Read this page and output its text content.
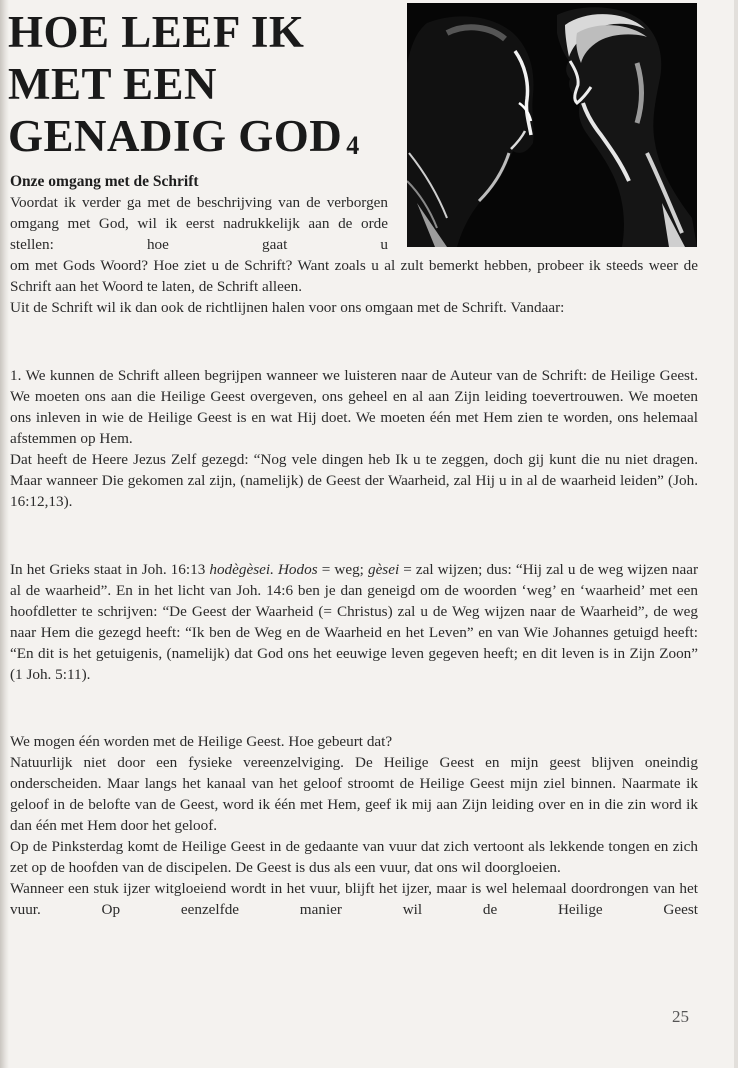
HOE LEEF IK
MET EEN
GENADIG GOD 4
Onze omgang met de Schrift
Voordat ik verder ga met de beschrijving van de verborgen omgang met God, wil ik eerst nadrukkelijk aan de orde stellen: hoe gaat u
om met Gods Woord? Hoe ziet u de Schrift? Want zoals u al zult bemerkt hebben, probeer ik steeds weer de Schrift aan het Woord te laten, de Schrift alleen.
Uit de Schrift wil ik dan ook de richtlijnen halen voor ons omgaan met de Schrift. Vandaar:
1. We kunnen de Schrift alleen begrijpen wanneer we luisteren naar de Auteur van de Schrift: de Heilige Geest. We moeten ons aan die Heilige Geest overgeven, ons geheel en al aan Zijn leiding toevertrouwen. We moeten ons inleven in wie de Heilige Geest is en wat Hij doet. We moeten één met Hem zien te worden, ons helemaal afstemmen op Hem.
Dat heeft de Heere Jezus Zelf gezegd: “Nog vele dingen heb Ik u te zeggen, doch gij kunt die nu niet dragen. Maar wanneer Die gekomen zal zijn, (namelijk) de Geest der Waarheid, zal Hij u in al de waarheid leiden” (Joh. 16:12,13).
In het Grieks staat in Joh. 16:13 hodègèsei. Hodos = weg; gèsei = zal wijzen; dus: “Hij zal u de weg wijzen naar al de waarheid”. En in het licht van Joh. 14:6 ben je dan geneigd om de woorden ‘weg’ en ‘waarheid’ met een hoofdletter te schrijven: “De Geest der Waarheid (= Christus) zal u de Weg wijzen naar de Waarheid”, de weg naar Hem die gezegd heeft: “Ik ben de Weg en de Waarheid en het Leven” en van Wie Johannes getuigd heeft: “En dit is het getuigenis, (namelijk) dat God ons het eeuwige leven gegeven heeft; en dit leven is in Zijn Zoon” (1 Joh. 5:11).
We mogen één worden met de Heilige Geest. Hoe gebeurt dat?
Natuurlijk niet door een fysieke vereenzelviging. De Heilige Geest en mijn geest blijven oneindig onderscheiden. Maar langs het kanaal van het geloof stroomt de Heilige Geest mijn ziel binnen. Naarmate ik geloof in de belofte van de Geest, word ik één met Hem, geef ik mij aan Zijn leiding over en in die zin word ik dan één met Hem door het geloof.
Op de Pinksterdag komt de Heilige Geest in de gedaante van vuur dat zich vertoont als lekkende tongen en zich zet op de hoofden van de discipelen. De Geest is dus als een vuur, dat ons wil doorgloeien.
Wanneer een stuk ijzer witgloeiend wordt in het vuur, blijft het ijzer, maar is wel helemaal doordrongen van het vuur. Op eenzelfde manier wil de Heilige Geest
25
